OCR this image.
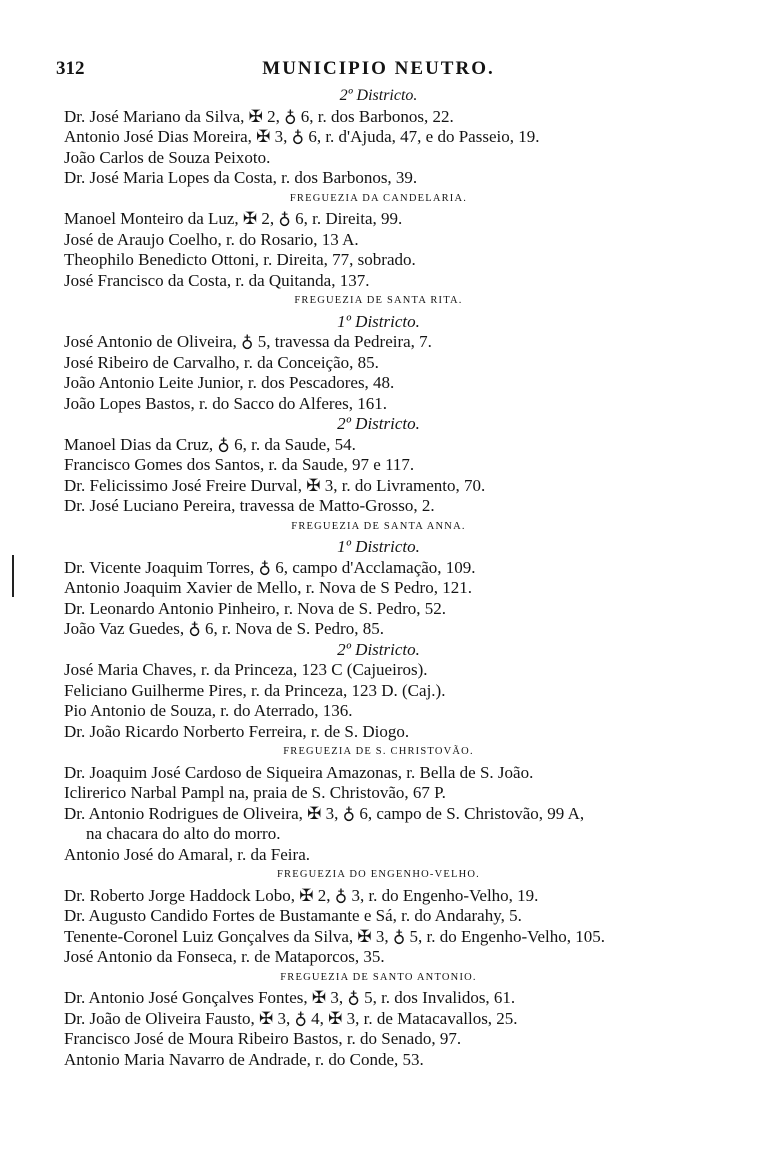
MUNICIPIO NEUTRO.
312
2º Districto.
Dr. José Mariano da Silva, ✠ 2, ♁ 6, r. dos Barbonos, 22.
Antonio José Dias Moreira, ✠ 3, ♁ 6, r. d'Ajuda, 47, e do Passeio, 19.
João Carlos de Souza Peixoto.
Dr. José Maria Lopes da Costa, r. dos Barbonos, 39.
FREGUEZIA DA CANDELARIA.
Manoel Monteiro da Luz, ✠ 2, ♁ 6, r. Direita, 99.
José de Araujo Coelho, r. do Rosario, 13 A.
Theophilo Benedicto Ottoni, r. Direita, 77, sobrado.
José Francisco da Costa, r. da Quitanda, 137.
FREGUEZIA DE SANTA RITA.
1º Districto.
José Antonio de Oliveira, ♁ 5, travessa da Pedreira, 7.
José Ribeiro de Carvalho, r. da Conceição, 85.
João Antonio Leite Junior, r. dos Pescadores, 48.
João Lopes Bastos, r. do Sacco do Alferes, 161.
2º Districto.
Manoel Dias da Cruz, ♁ 6, r. da Saude, 54.
Francisco Gomes dos Santos, r. da Saude, 97 e 117.
Dr. Felicissimo José Freire Durval, ✠ 3, r. do Livramento, 70.
Dr. José Luciano Pereira, travessa de Matto-Grosso, 2.
FREGUEZIA DE SANTA ANNA.
1º Districto.
Dr. Vicente Joaquim Torres, ♁ 6, campo d'Acclamação, 109.
Antonio Joaquim Xavier de Mello, r. Nova de S Pedro, 121.
Dr. Leonardo Antonio Pinheiro, r. Nova de S. Pedro, 52.
João Vaz Guedes, ♁ 6, r. Nova de S. Pedro, 85.
2º Districto.
José Maria Chaves, r. da Princeza, 123 C (Cajueiros).
Feliciano Guilherme Pires, r. da Princeza, 123 D. (Caj.).
Pio Antonio de Souza, r. do Aterrado, 136.
Dr. João Ricardo Norberto Ferreira, r. de S. Diogo.
FREGUEZIA DE S. CHRISTOVÃO.
Dr. Joaquim José Cardoso de Siqueira Amazonas, r. Bella de S. João.
Iclirerico Narbal Pampl na, praia de S. Christovão, 67 P.
Dr. Antonio Rodrigues de Oliveira, ✠ 3, ♁ 6, campo de S. Christovão, 99 A,
na chacara do alto do morro.
Antonio José do Amaral, r. da Feira.
FREGUEZIA DO ENGENHO-VELHO.
Dr. Roberto Jorge Haddock Lobo, ✠ 2, ♁ 3, r. do Engenho-Velho, 19.
Dr. Augusto Candido Fortes de Bustamante e Sá, r. do Andarahy, 5.
Tenente-Coronel Luiz Gonçalves da Silva, ✠ 3, ♁ 5, r. do Engenho-Velho, 105.
José Antonio da Fonseca, r. de Mataporcos, 35.
FREGUEZIA DE SANTO ANTONIO.
Dr. Antonio José Gonçalves Fontes, ✠ 3, ♁ 5, r. dos Invalidos, 61.
Dr. João de Oliveira Fausto, ✠ 3, ♁ 4, ✠ 3, r. de Matacavallos, 25.
Francisco José de Moura Ribeiro Bastos, r. do Senado, 97.
Antonio Maria Navarro de Andrade, r. do Conde, 53.
